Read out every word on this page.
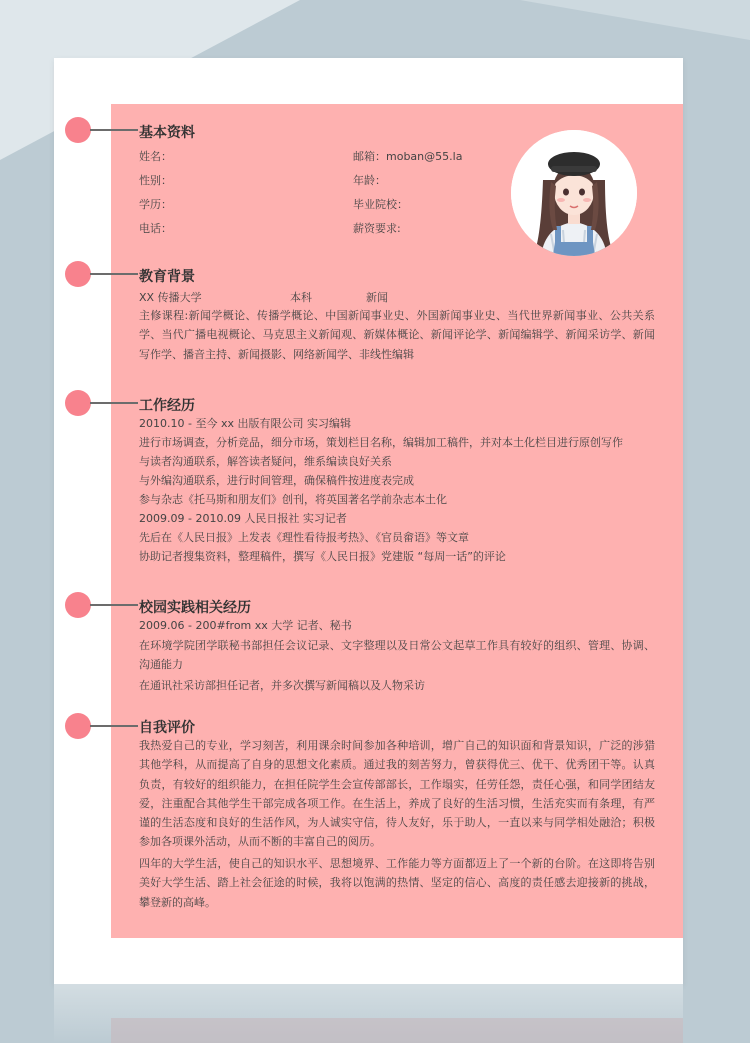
基本资料
姓名：
性别：
学历：
电话：
邮箱：moban@55.la
年龄：
毕业院校：
薪资要求:
教育背景
XX 传播大学	本科	新闻

主修课程:新闻学概论、传播学概论、中国新闻事业史、外国新闻事业史、当代世界新闻事业、公共关系学、当代广播电视概论、马克思主义新闻观、新媒体概论、新闻评论学、新闻编辑学、新闻采访学、新闻写作学、播音主持、新闻摄影、网络新闻学、非线性编辑

工作经历
2010.10 - 至今 xx 出版有限公司 实习编辑
进行市场调查，分析竞品，细分市场，策划栏目名称，编辑加工稿件，并对本土化栏目进行原创写作
与读者沟通联系，解答读者疑问，维系编读良好关系
与外编沟通联系，进行时间管理，确保稿件按进度表完成
参与杂志《托马斯和朋友们》创刊，将英国著名学前杂志本土化
2009.09 - 2010.09 人民日报社 实习记者
先后在《人民日报》上发表《理性看待报考热》、《官员畲语》等文章
协助记者搜集资料，整理稿件，撰写《人民日报》党建版 “每周一话”的评论
校园实践相关经历
2009.06 - 200#from xx 大学 记者、秘书

在环境学院团学联秘书部担任会议记录、文字整理以及日常公文起草工作具有较好的组织、管理、协调、沟通能力

在通讯社采访部担任记者，并多次撰写新闻稿以及人物采访
自我评价

我热爱自己的专业，学习刻苦，利用课余时间参加各种培训，增广自己的知识面和背景知识，广泛的涉猎其他学科，从而提高了自身的思想文化素质。通过我的刻苦努力，曾获得优三、优干、优秀团干等。认真负责，有较好的组织能力，在担任院学生会宣传部部长，工作塌实，任劳任怨，责任心强，和同学团结友爱，注重配合其他学生干部完成各项工作。在生活上，养成了良好的生活习惯，生活充实而有条理，有严谨的生活态度和良好的生活作风，为人诚实守信，待人友好，乐于助人，一直以来与同学相处融洽；积极参加各项课外活动，从而不断的丰富自己的阅历。

四年的大学生活，使自己的知识水平、思想境界、工作能力等方面都迈上了一个新的台阶。在这即将告别美好大学生活、踏上社会征途的时候，我将以饱满的热情、坚定的信心、高度的责任感去迎接新的挑战，攀登新的高峰。
